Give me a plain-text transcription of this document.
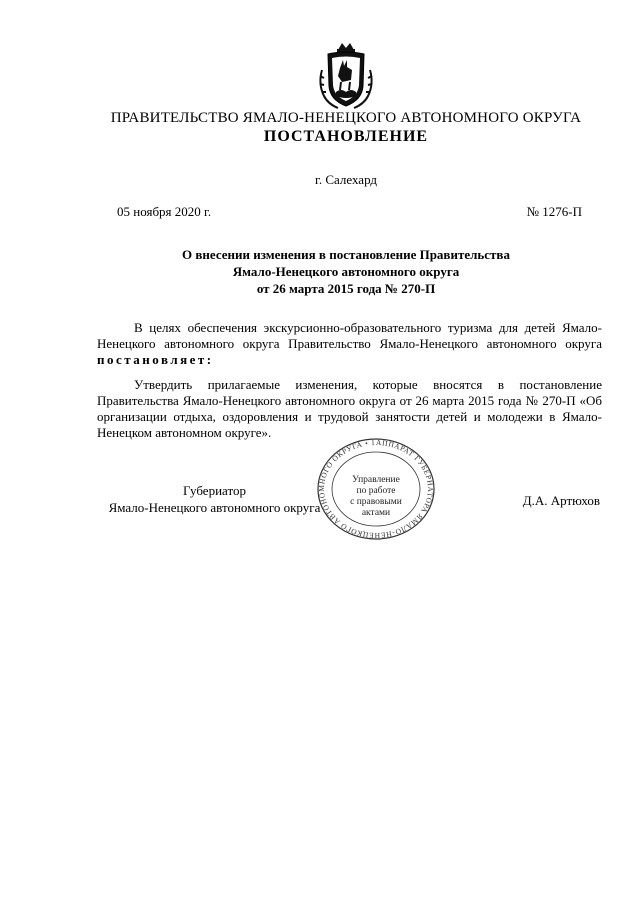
ПРАВИТЕЛЬСТВО ЯМАЛО-НЕНЕЦКОГО АВТОНОМНОГО ОКРУГА
ПОСТАНОВЛЕНИЕ
г. Салехард
05 ноября 2020 г.	№ 1276-П
О внесении изменения в постановление Правительства
Ямало-Ненецкого автономного округа
от 26 марта 2015 года № 270-П
В целях обеспечения экскурсионно-образовательного туризма для детей Ямало-Ненецкого автономного округа Правительство Ямало-Ненецкого автономного округа постановляет:
Утвердить прилагаемые изменения, которые вносятся в постановление Правительства Ямало-Ненецкого автономного округа от 26 марта 2015 года № 270-П «Об организации отдыха, оздоровления и трудовой занятости детей и молодежи в Ямало-Ненецком автономном округе».
Губериатор
Ямало-Ненецкого автономного округа
АППАРАТ ГУБЕРНАТОРА ЯМАЛО-НЕНЕЦКОГО АВТОНОМНОГО ОКРУГА • 1
Управление
по работе
с правовыми
актами
Д.А. Артюхов
